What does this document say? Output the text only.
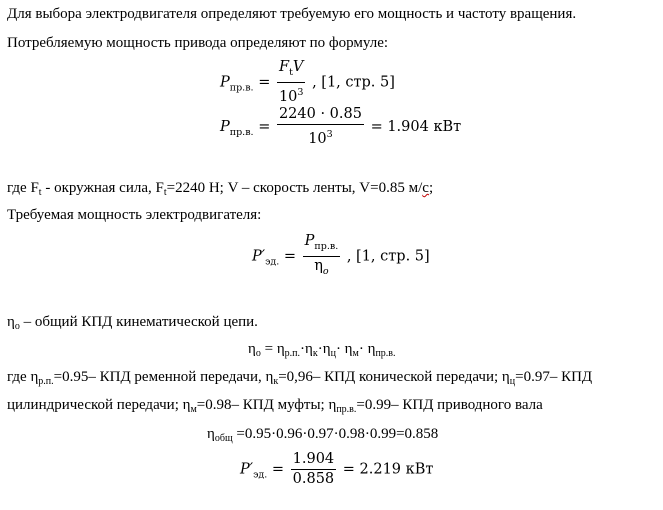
Для выбора электродвигателя определяют требуемую его мощность и частоту вращения.
Потребляемую мощность привода определяют по формуле:
$P_{пр.в.} = \frac{F_tV}{10^3}$ , [1, стр. 5]
$P_{пр.в.} = \frac{2240 \cdot 0.85}{10^3} = 1.904$ кВт
где $F_t$ - окружная сила, $F_t=2240$ Н; V – скорость ленты, V=0.85 м/с;
Требуемая мощность электродвигателя:
$P'_{эд.} = \frac{P_{пр.в.}}{\eta_o}$ , [1, стр. 5]
$\eta_o$ – общий КПД кинематической цепи.
$\eta_o = \eta_{р.п.}\cdot\eta_к\cdot\eta_ц\cdot \eta_м\cdot \eta_{пр.в.}$
где $\eta_{р.п.}=0.95-$ КПД ременной передачи, $\eta_к=0,96-$ КПД конической передачи; $\eta_ц=0.97-$ КПД
цилиндрической передачи; $\eta_м=0.98-$ КПД муфты; $\eta_{пр.в.}=0.99-$ КПД приводного вала
$\eta_{общ} =0.95\cdot 0.96\cdot 0.97\cdot 0.98\cdot 0.99=0.858$
$P'_{эд.} = \frac{1.904}{0.858} = 2.219$ кВт
